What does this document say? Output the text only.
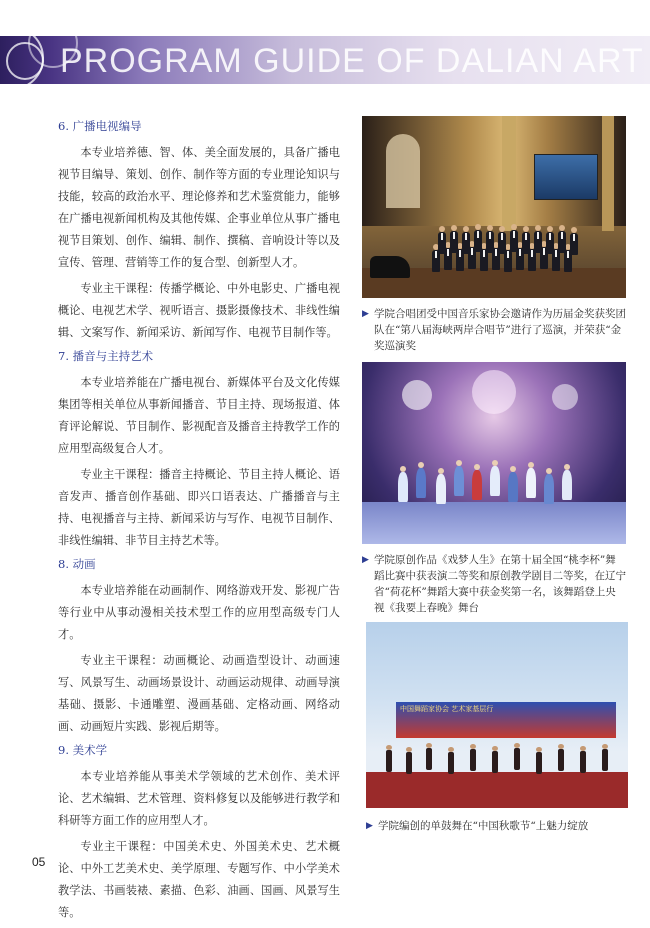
PROGRAM GUIDE OF DALIAN ART
6. 广播电视编导

本专业培养德、智、体、美全面发展的，具备广播电视节目编导、策划、创作、制作等方面的专业理论知识与技能，较高的政治水平、理论修养和艺术鉴赏能力，能够在广播电视新闻机构及其他传媒、企事业单位从事广播电视节目策划、创作、编辑、制作、撰稿、音响设计等以及宣传、管理、营销等工作的复合型、创新型人才。

专业主干课程：传播学概论、中外电影史、广播电视概论、电视艺术学、视听语言、摄影摄像技术、非线性编辑、文案写作、新闻采访、新闻写作、电视节目制作等。

7. 播音与主持艺术

本专业培养能在广播电视台、新媒体平台及文化传媒集团等相关单位从事新闻播音、节目主持、现场报道、体育评论解说、节目制作、影视配音及播音主持教学工作的应用型高级复合人才。

专业主干课程：播音主持概论、节目主持人概论、语音发声、播音创作基础、即兴口语表达、广播播音与主持、电视播音与主持、新闻采访与写作、电视节目制作、非线性编辑、非节目主持艺术等。

8. 动画

本专业培养能在动画制作、网络游戏开发、影视广告等行业中从事动漫相关技术型工作的应用型高级专门人才。

专业主干课程：动画概论、动画造型设计、动画速写、风景写生、动画场景设计、动画运动规律、动画导演基础、摄影、卡通雕塑、漫画基础、定格动画、网络动画、动画短片实践、影视后期等。

9. 美术学

本专业培养能从事美术学领域的艺术创作、美术评论、艺术编辑、艺术管理、资料修复以及能够进行教学和科研等方面工作的应用型人才。

专业主干课程：中国美术史、外国美术史、艺术概论、中外工艺美术史、美学原理、专题写作、中小学美术教学法、书画装裱、素描、色彩、油画、国画、风景写生等。

▶ 学院合唱团受中国音乐家协会邀请作为历届金奖获奖团队在“第八届海峡两岸合唱节”进行了巡演，并荣获“金奖巡演奖
▶ 学院原创作品《戏梦人生》在第十届全国“桃李杯”舞蹈比赛中获表演二等奖和原创教学剧目二等奖，在辽宁省“荷花杯”舞蹈大赛中获金奖第一名，该舞蹈登上央视《我要上春晚》舞台
中国舞蹈家协会 艺术家基层行
▶ 学院编创的单鼓舞在“中国秋歌节“上魅力绽放
05
